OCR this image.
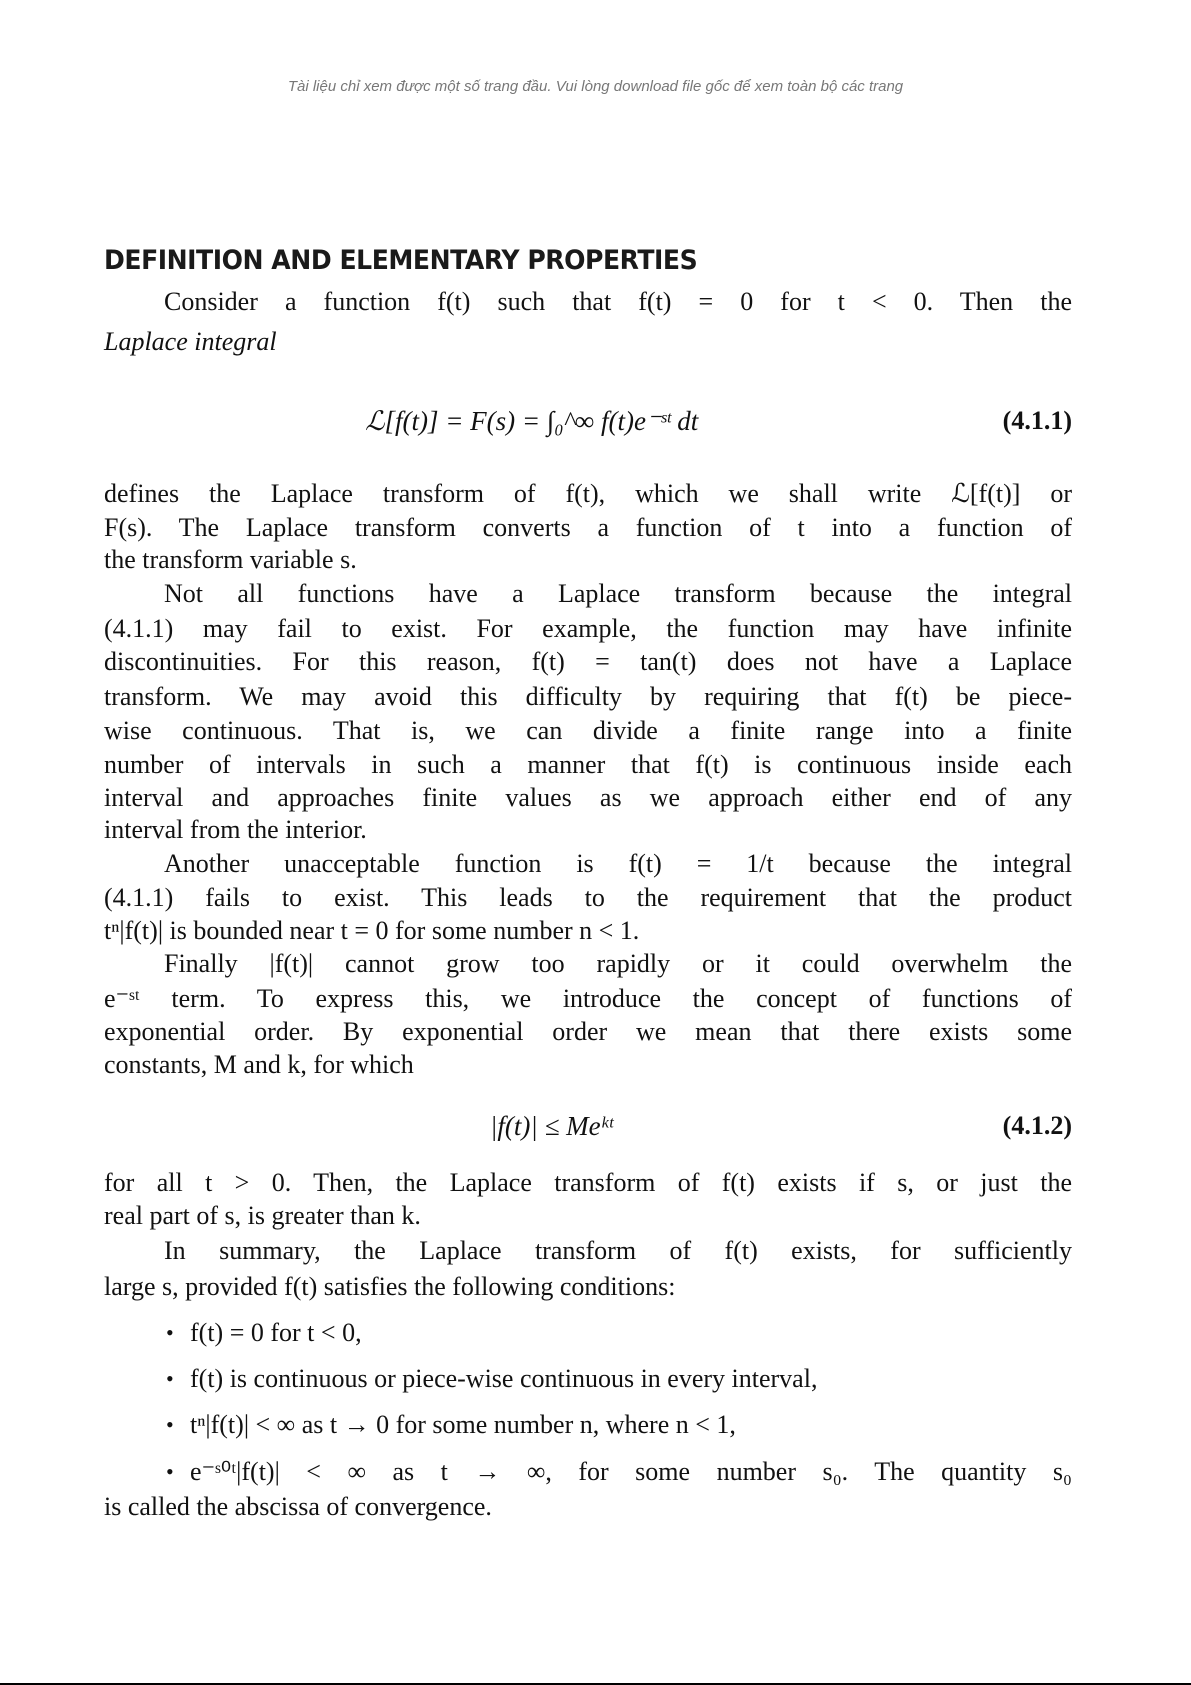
Tài liệu chỉ xem được một số trang đầu. Vui lòng download file gốc để xem toàn bộ các trang
DEFINITION AND ELEMENTARY PROPERTIES
Consider a function f(t) such that f(t) = 0 for t < 0. Then the
Laplace integral
defines the Laplace transform of f(t), which we shall write ℒ[f(t)] or
F(s). The Laplace transform converts a function of t into a function of
the transform variable s.
Not all functions have a Laplace transform because the integral
(4.1.1) may fail to exist. For example, the function may have infinite
discontinuities. For this reason, f(t) = tan(t) does not have a Laplace
transform. We may avoid this difficulty by requiring that f(t) be piece-
wise continuous. That is, we can divide a finite range into a finite
number of intervals in such a manner that f(t) is continuous inside each
interval and approaches finite values as we approach either end of any
interval from the interior.
Another unacceptable function is f(t) = 1/t because the integral
(4.1.1) fails to exist. This leads to the requirement that the product
tⁿ|f(t)| is bounded near t = 0 for some number n < 1.
Finally |f(t)| cannot grow too rapidly or it could overwhelm the
e⁻ˢᵗ term. To express this, we introduce the concept of functions of
exponential order. By exponential order we mean that there exists some
constants, M and k, for which
for all t > 0. Then, the Laplace transform of f(t) exists if s, or just the
real part of s, is greater than k.
In summary, the Laplace transform of f(t) exists, for sufficiently
large s, provided f(t) satisfies the following conditions:
• f(t) = 0 for t < 0,
• f(t) is continuous or piece-wise continuous in every interval,
• tⁿ|f(t)| < ∞ as t → 0 for some number n, where n < 1,
• e⁻ˢ⁰ᵗ|f(t)| < ∞ as t → ∞, for some number s₀. The quantity s₀
is called the abscissa of convergence.
ℒ[f(t)] = F(s) = ∫₀^∞ f(t)e⁻ˢᵗ dt	(4.1.1)
|f(t)| ≤ Meᵏᵗ	(4.1.2)
